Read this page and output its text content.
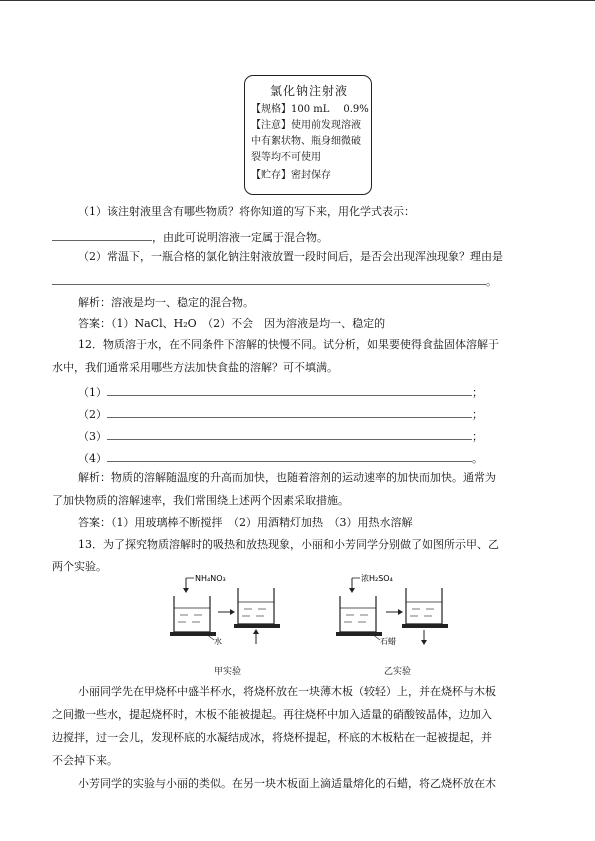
氯化钠注射液
【规格】100 mL 0.9%
【注意】使用前发现溶液
中有絮状物、瓶身细微破
裂等均不可使用
【贮存】密封保存
（1）该注射液里含有哪些物质？将你知道的写下来，用化学式表示：
，由此可说明溶液一定属于混合物。
（2）常温下，一瓶合格的氯化钠注射液放置一段时间后，是否会出现浑浊现象？理由是
。
解析：溶液是均一、稳定的混合物。
答案：（1）NaCl、H₂O　（2）不会　因为溶液是均一、稳定的
12．物质溶于水，在不同条件下溶解的快慢不同。试分析，如果要使得食盐固体溶解于
水中，我们通常采用哪些方法加快食盐的溶解？可不填满。
（1）	；
（2）	；
（3）	；
（4）	。
解析：物质的溶解随温度的升高而加快，也随着溶剂的运动速率的加快而加快。通常为
了加快物质的溶解速率，我们常围绕上述两个因素采取措施。
答案：（1）用玻璃棒不断搅拌　（2）用酒精灯加热　（3）用热水溶解
13．为了探究物质溶解时的吸热和放热现象，小丽和小芳同学分别做了如图所示甲、乙
两个实验。
NH₄NO₃
水
甲实验
浓H₂SO₄
石蜡
乙实验
小丽同学先在甲烧杯中盛半杯水，将烧杯放在一块薄木板（较轻）上，并在烧杯与木板
之间撒一些水，提起烧杯时，木板不能被提起。再往烧杯中加入适量的硝酸铵晶体，边加入
边搅拌，过一会儿，发现杯底的水凝结成冰，将烧杯提起，杯底的木板粘在一起被提起，并
不会掉下来。
小芳同学的实验与小丽的类似。在另一块木板面上滴适量熔化的石蜡，将乙烧杯放在木
